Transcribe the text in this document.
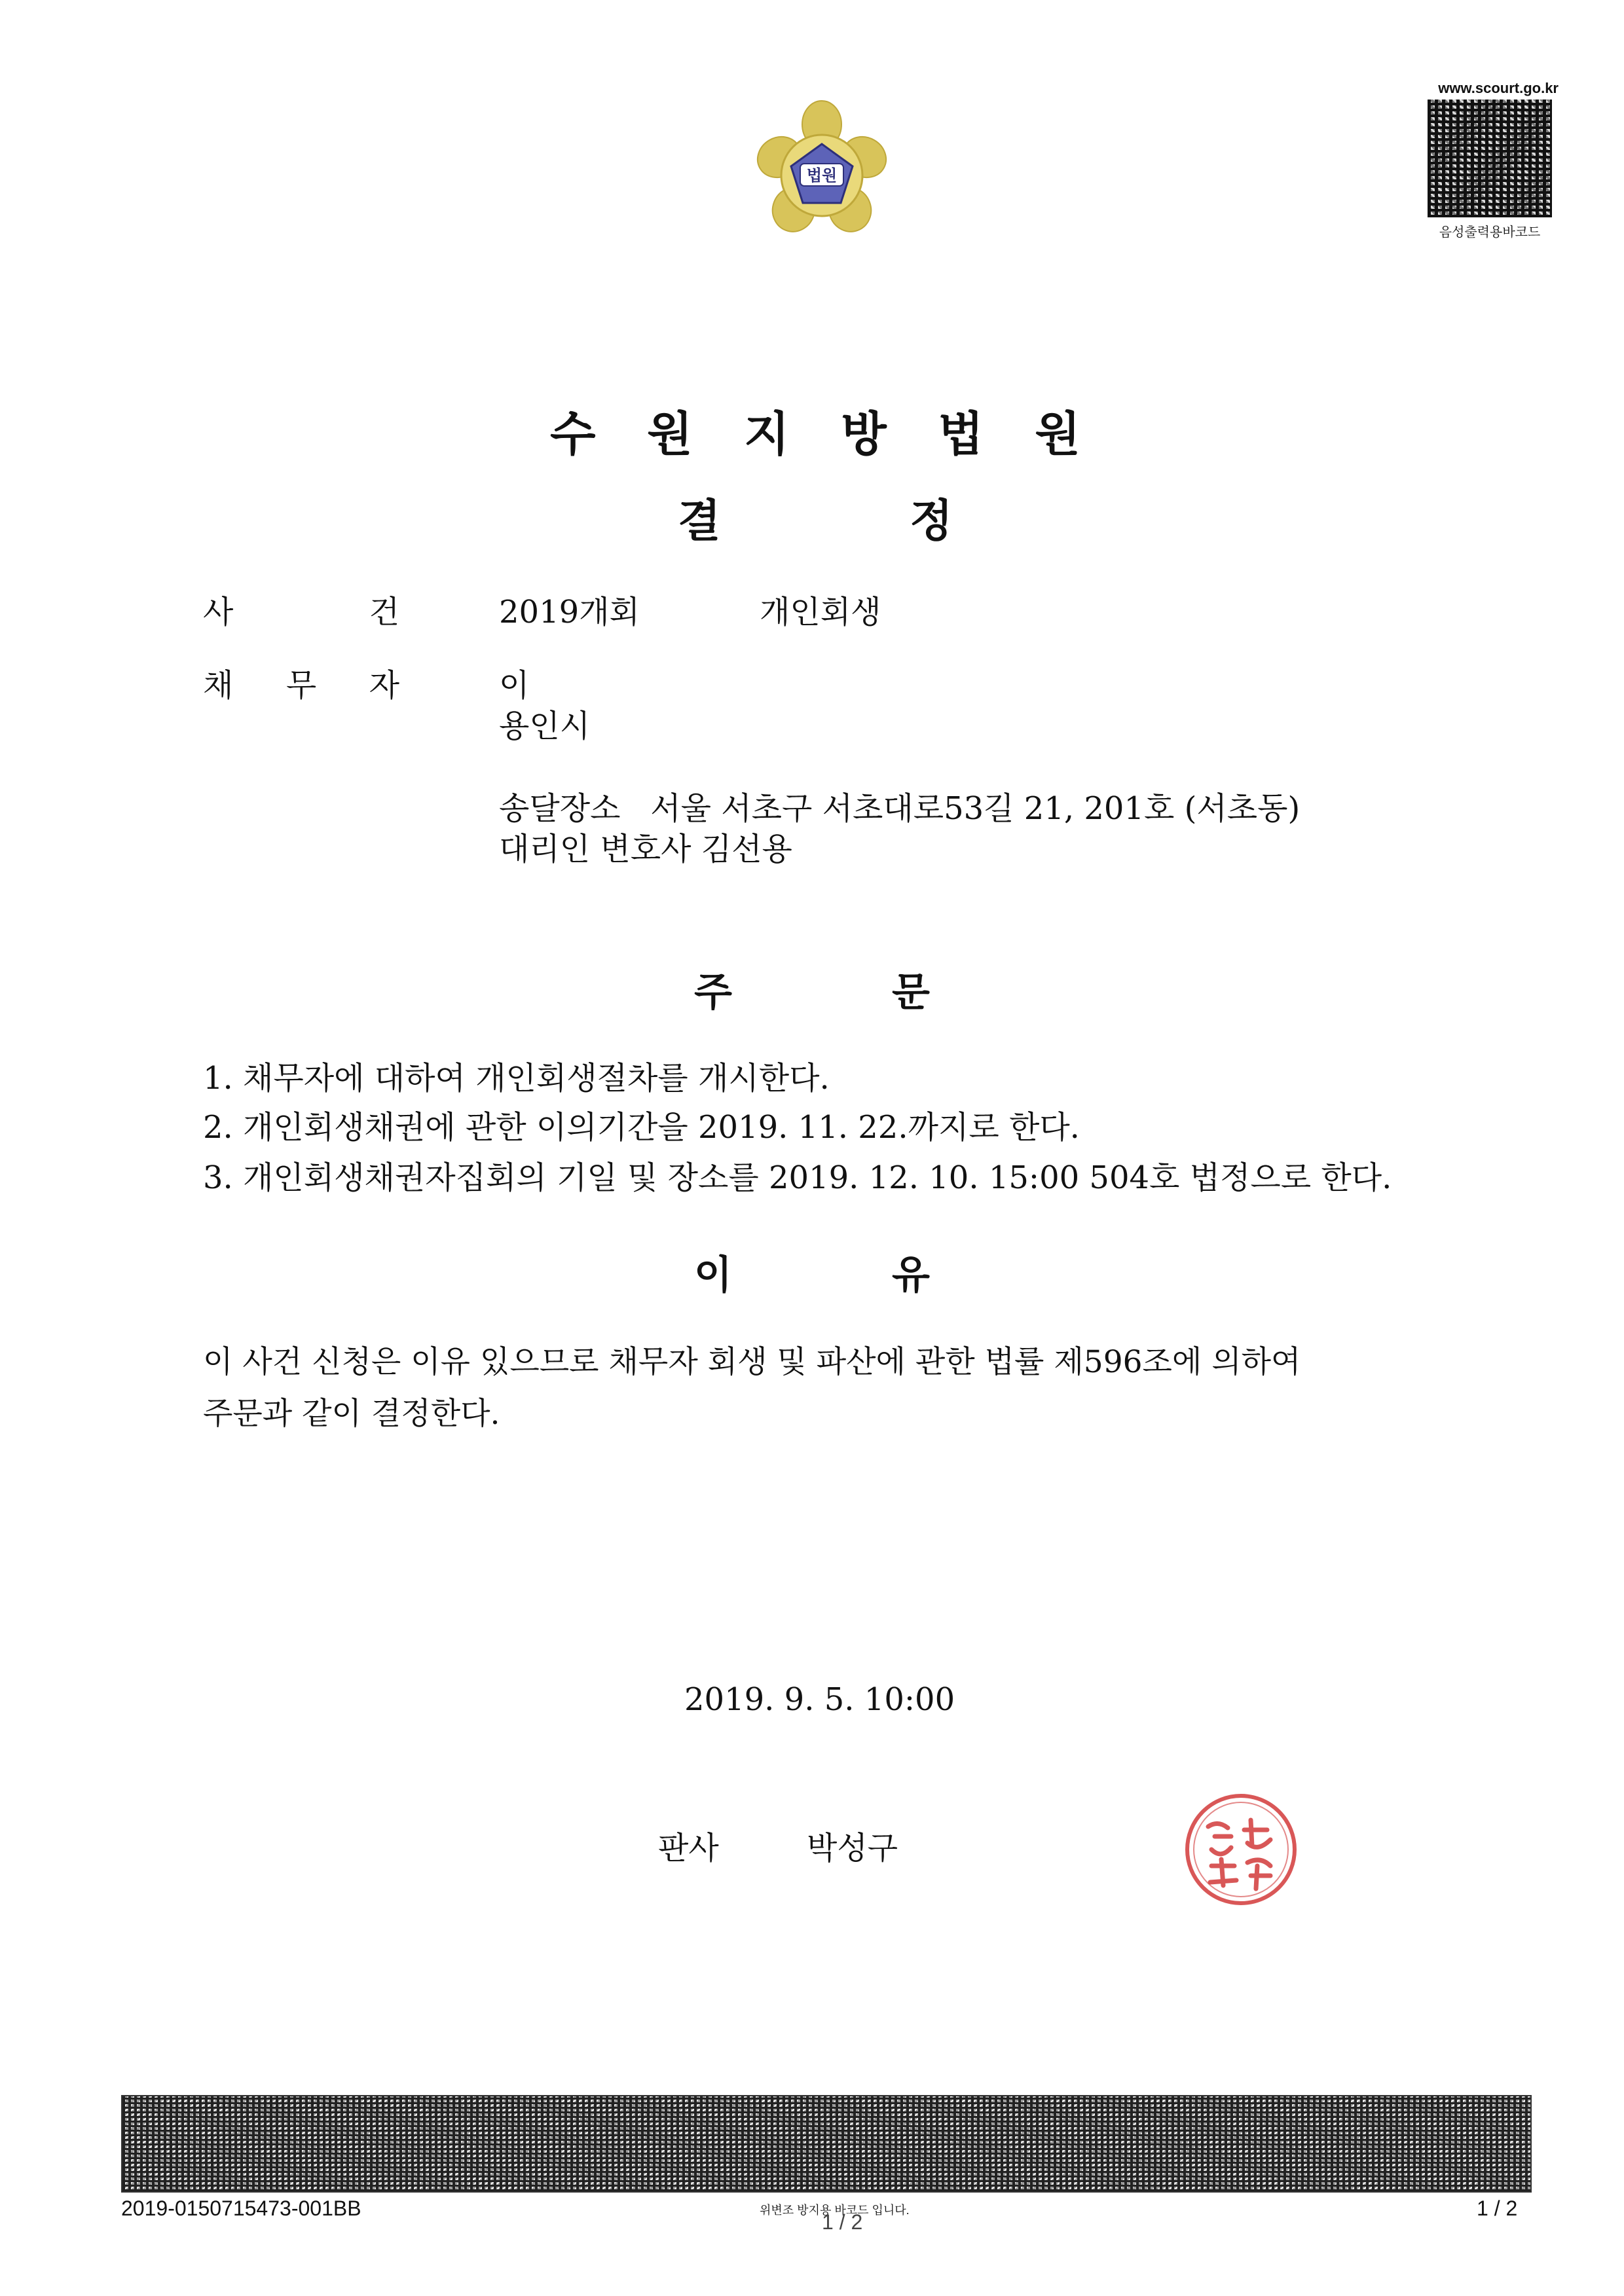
법원
www.scourt.go.kr
음성출력용바코드
수 원 지 방 법 원
결	정
사	건	2019개회	개인회생
채 무 자	이
용인시
송달장소 서울 서초구 서초대로53길 21, 201호 (서초동)
대리인 변호사 김선용
주	문
1. 채무자에 대하여 개인회생절차를 개시한다.
2. 개인회생채권에 관한 이의기간을 2019. 11. 22.까지로 한다.
3. 개인회생채권자집회의 기일 및 장소를 2019. 12. 10. 15:00 504호 법정으로 한다.
이	유
이 사건 신청은 이유 있으므로 채무자 회생 및 파산에 관한 법률 제596조에 의하여
주문과 같이 결정한다.
2019. 9. 5. 10:00
판사	박성구
2019-0150715473-001BB	위변조 방지용 바코드 입니다.
1 / 2
1 / 2
